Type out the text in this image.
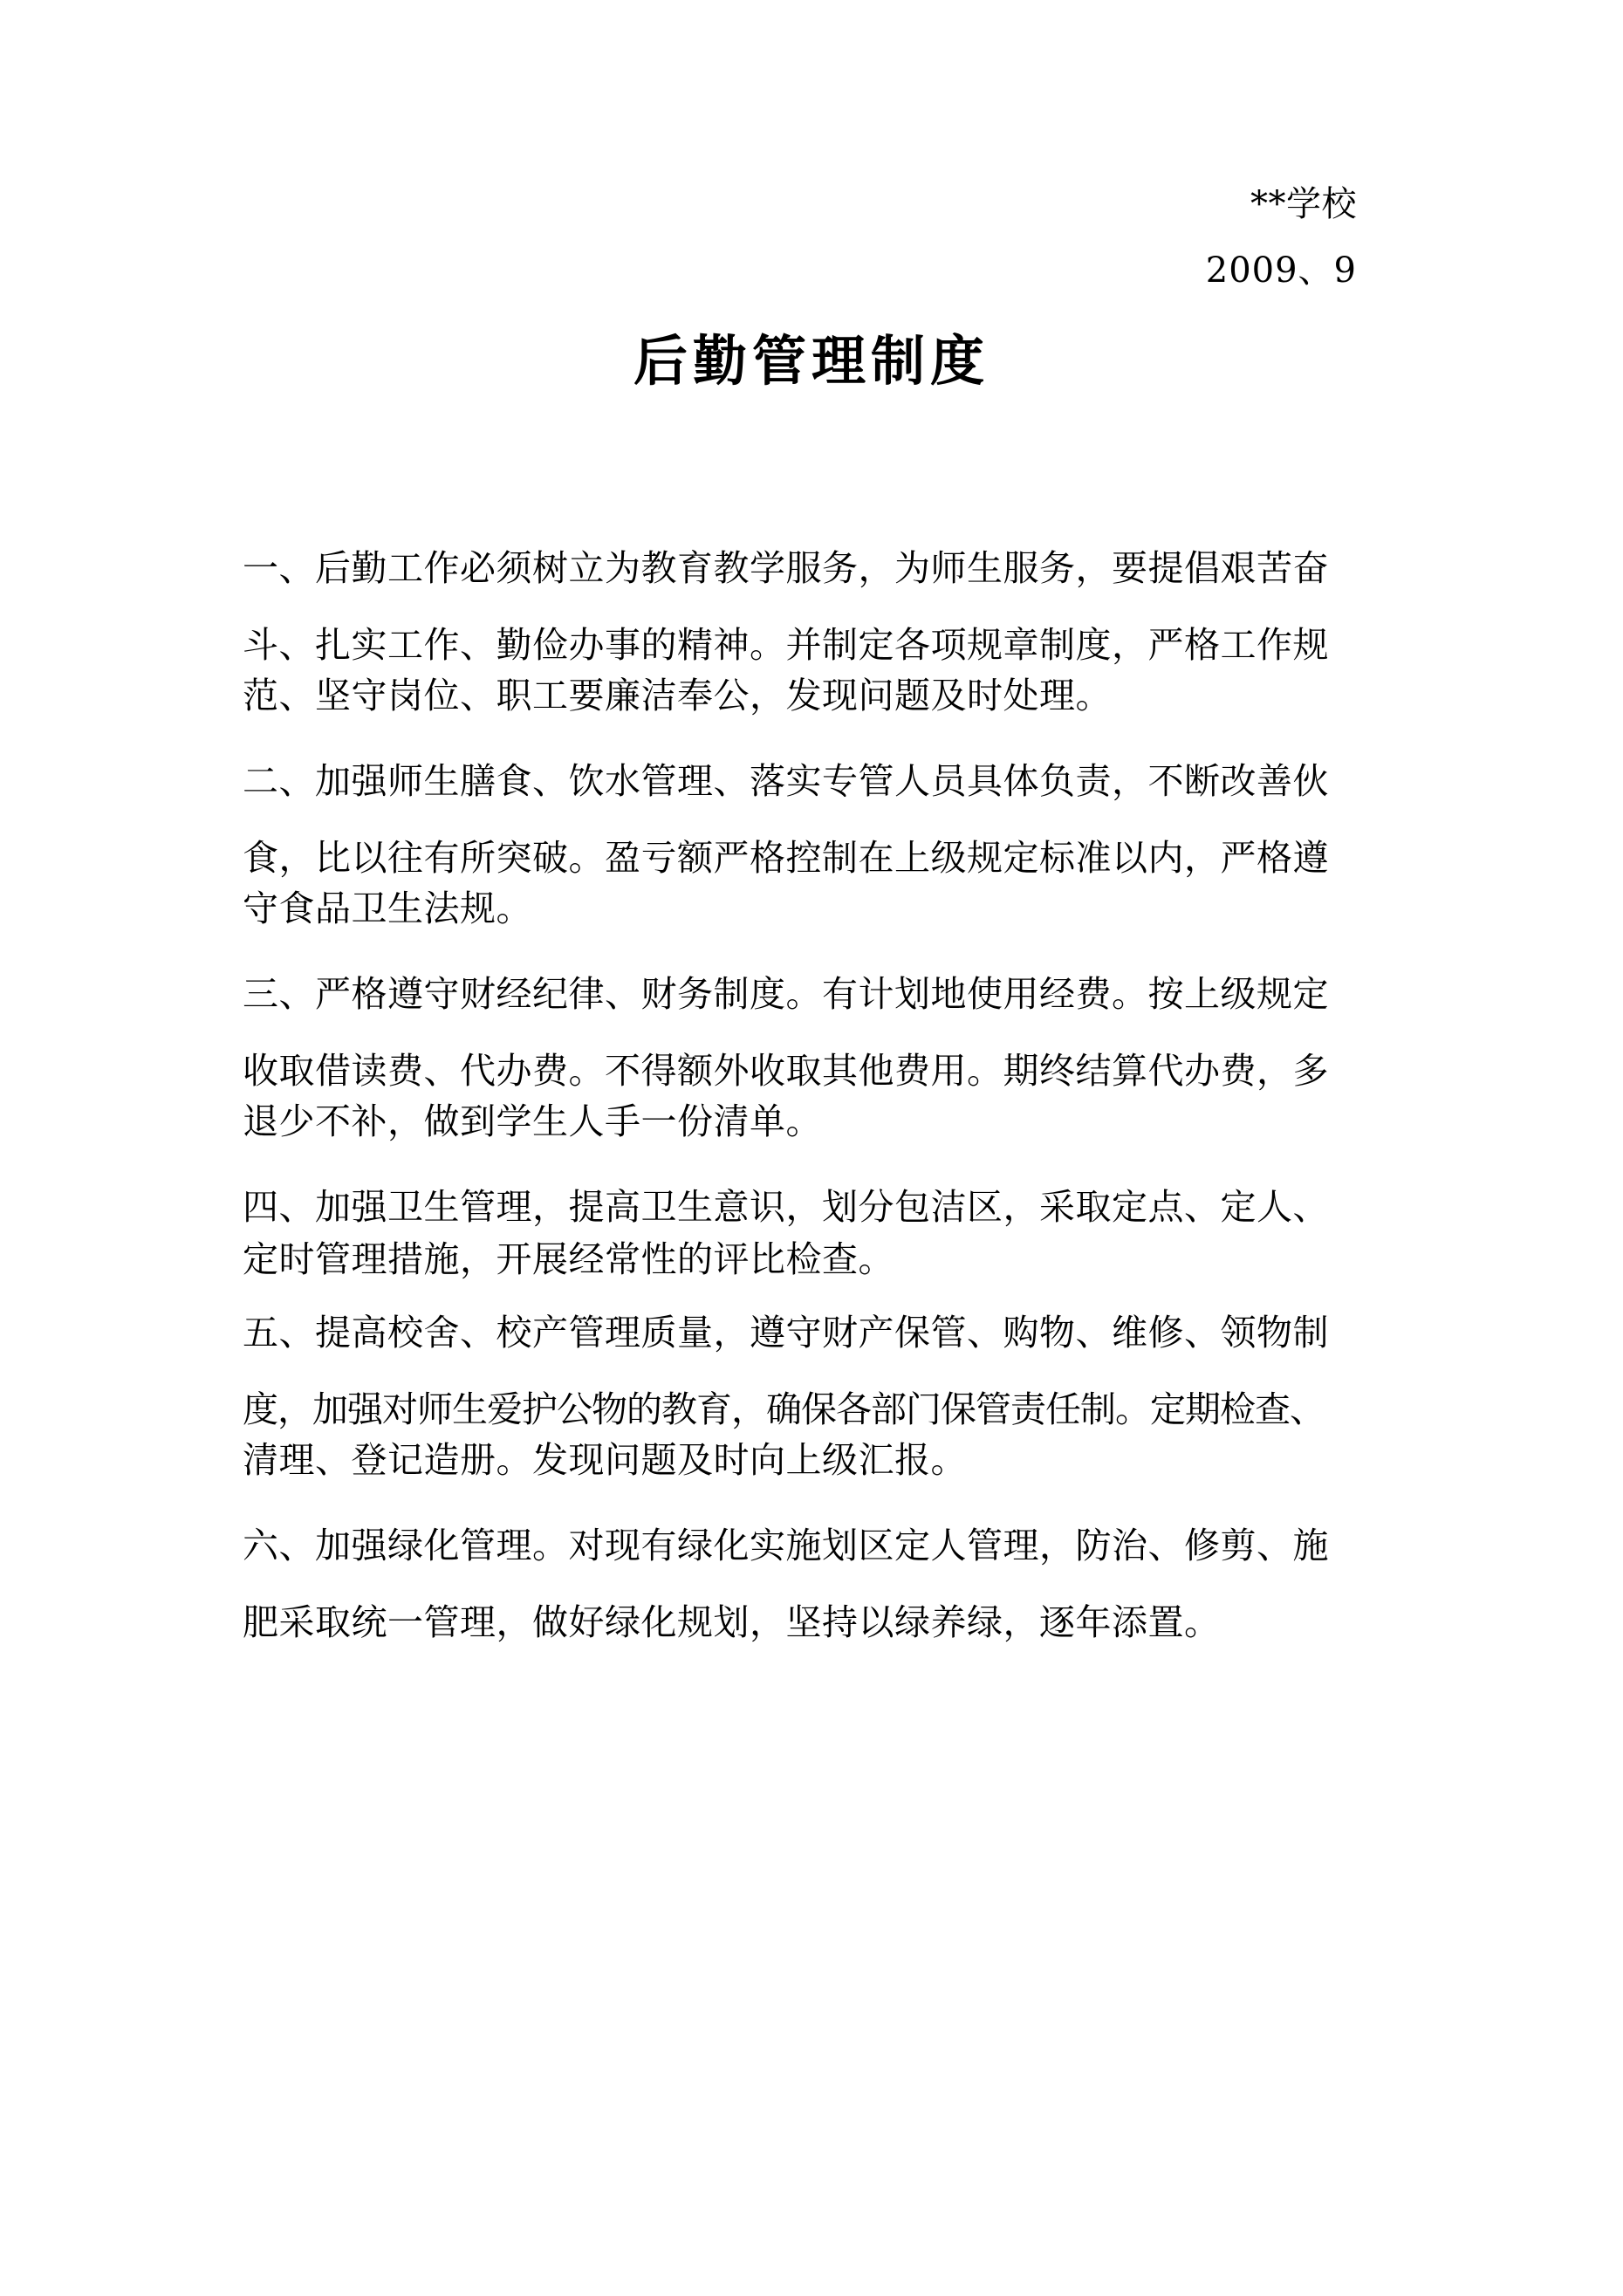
**学校
2009、9
后勤管理制度
一、后勤工作必须树立为教育教学服务，为师生服务，要提倡艰苦奋
斗、扎实工作、勤俭办事的精神。并制定各项规章制度，严格工作规
范、坚守岗位、职工要廉洁奉公，发现问题及时处理。
二、加强师生膳食、饮水管理、落实专管人员具体负责，不断改善伙
食，比以往有所突破。盈亏额严格控制在上级规定标准以内，严格遵
守食品卫生法规。
三、严格遵守财经纪律、财务制度。有计划地使用经费。按上级规定
收取借读费、代办费。不得额外收取其他费用。期终结算代办费，多
退少不补，做到学生人手一份清单。
四、加强卫生管理，提高卫生意识，划分包洁区，采取定点、定人、
定时管理措施，开展经常性的评比检查。
五、提高校舍、校产管理质量，遵守财产保管、购物、维修、领物制
度，加强对师生爱护公物的教育，确保各部门保管责任制。定期检查、
清理、登记造册。发现问题及时向上级汇报。
六、加强绿化管理。对现有绿化实施划区定人管理，防治、修剪、施
肥采取统一管理，做好绿化规划，坚持以绿养绿，逐年添置。
